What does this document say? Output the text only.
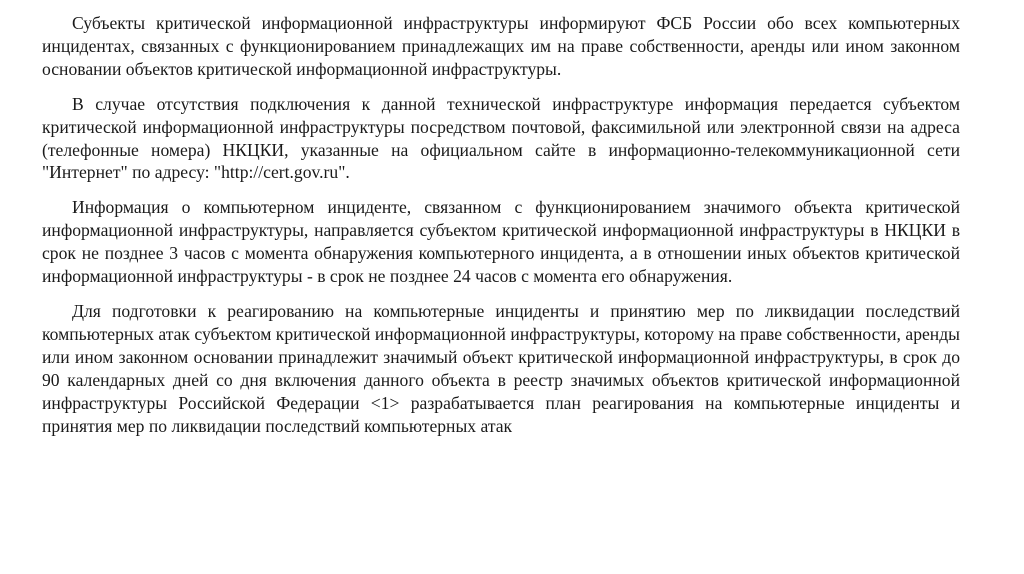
Субъекты критической информационной инфраструктуры информируют ФСБ России обо всех компьютерных инцидентах, связанных с функционированием принадлежащих им на праве собственности, аренды или ином законном основании объектов критической информационной инфраструктуры.

В случае отсутствия подключения к данной технической инфраструктуре информация передается субъектом критической информационной инфраструктуры посредством почтовой, факсимильной или электронной связи на адреса (телефонные номера) НКЦКИ, указанные на официальном сайте в информационно-телекоммуникационной сети "Интернет" по адресу: "http://cert.gov.ru".

Информация о компьютерном инциденте, связанном с функционированием значимого объекта критической информационной инфраструктуры, направляется субъектом критической информационной инфраструктуры в НКЦКИ в срок не позднее 3 часов с момента обнаружения компьютерного инцидента, а в отношении иных объектов критической информационной инфраструктуры - в срок не позднее 24 часов с момента его обнаружения.

Для подготовки к реагированию на компьютерные инциденты и принятию мер по ликвидации последствий компьютерных атак субъектом критической информационной инфраструктуры, которому на праве собственности, аренды или ином законном основании принадлежит значимый объект критической информационной инфраструктуры, в срок до 90 календарных дней со дня включения данного объекта в реестр значимых объектов критической информационной инфраструктуры Российской Федерации <1> разрабатывается план реагирования на компьютерные инциденты и принятия мер по ликвидации последствий компьютерных атак
